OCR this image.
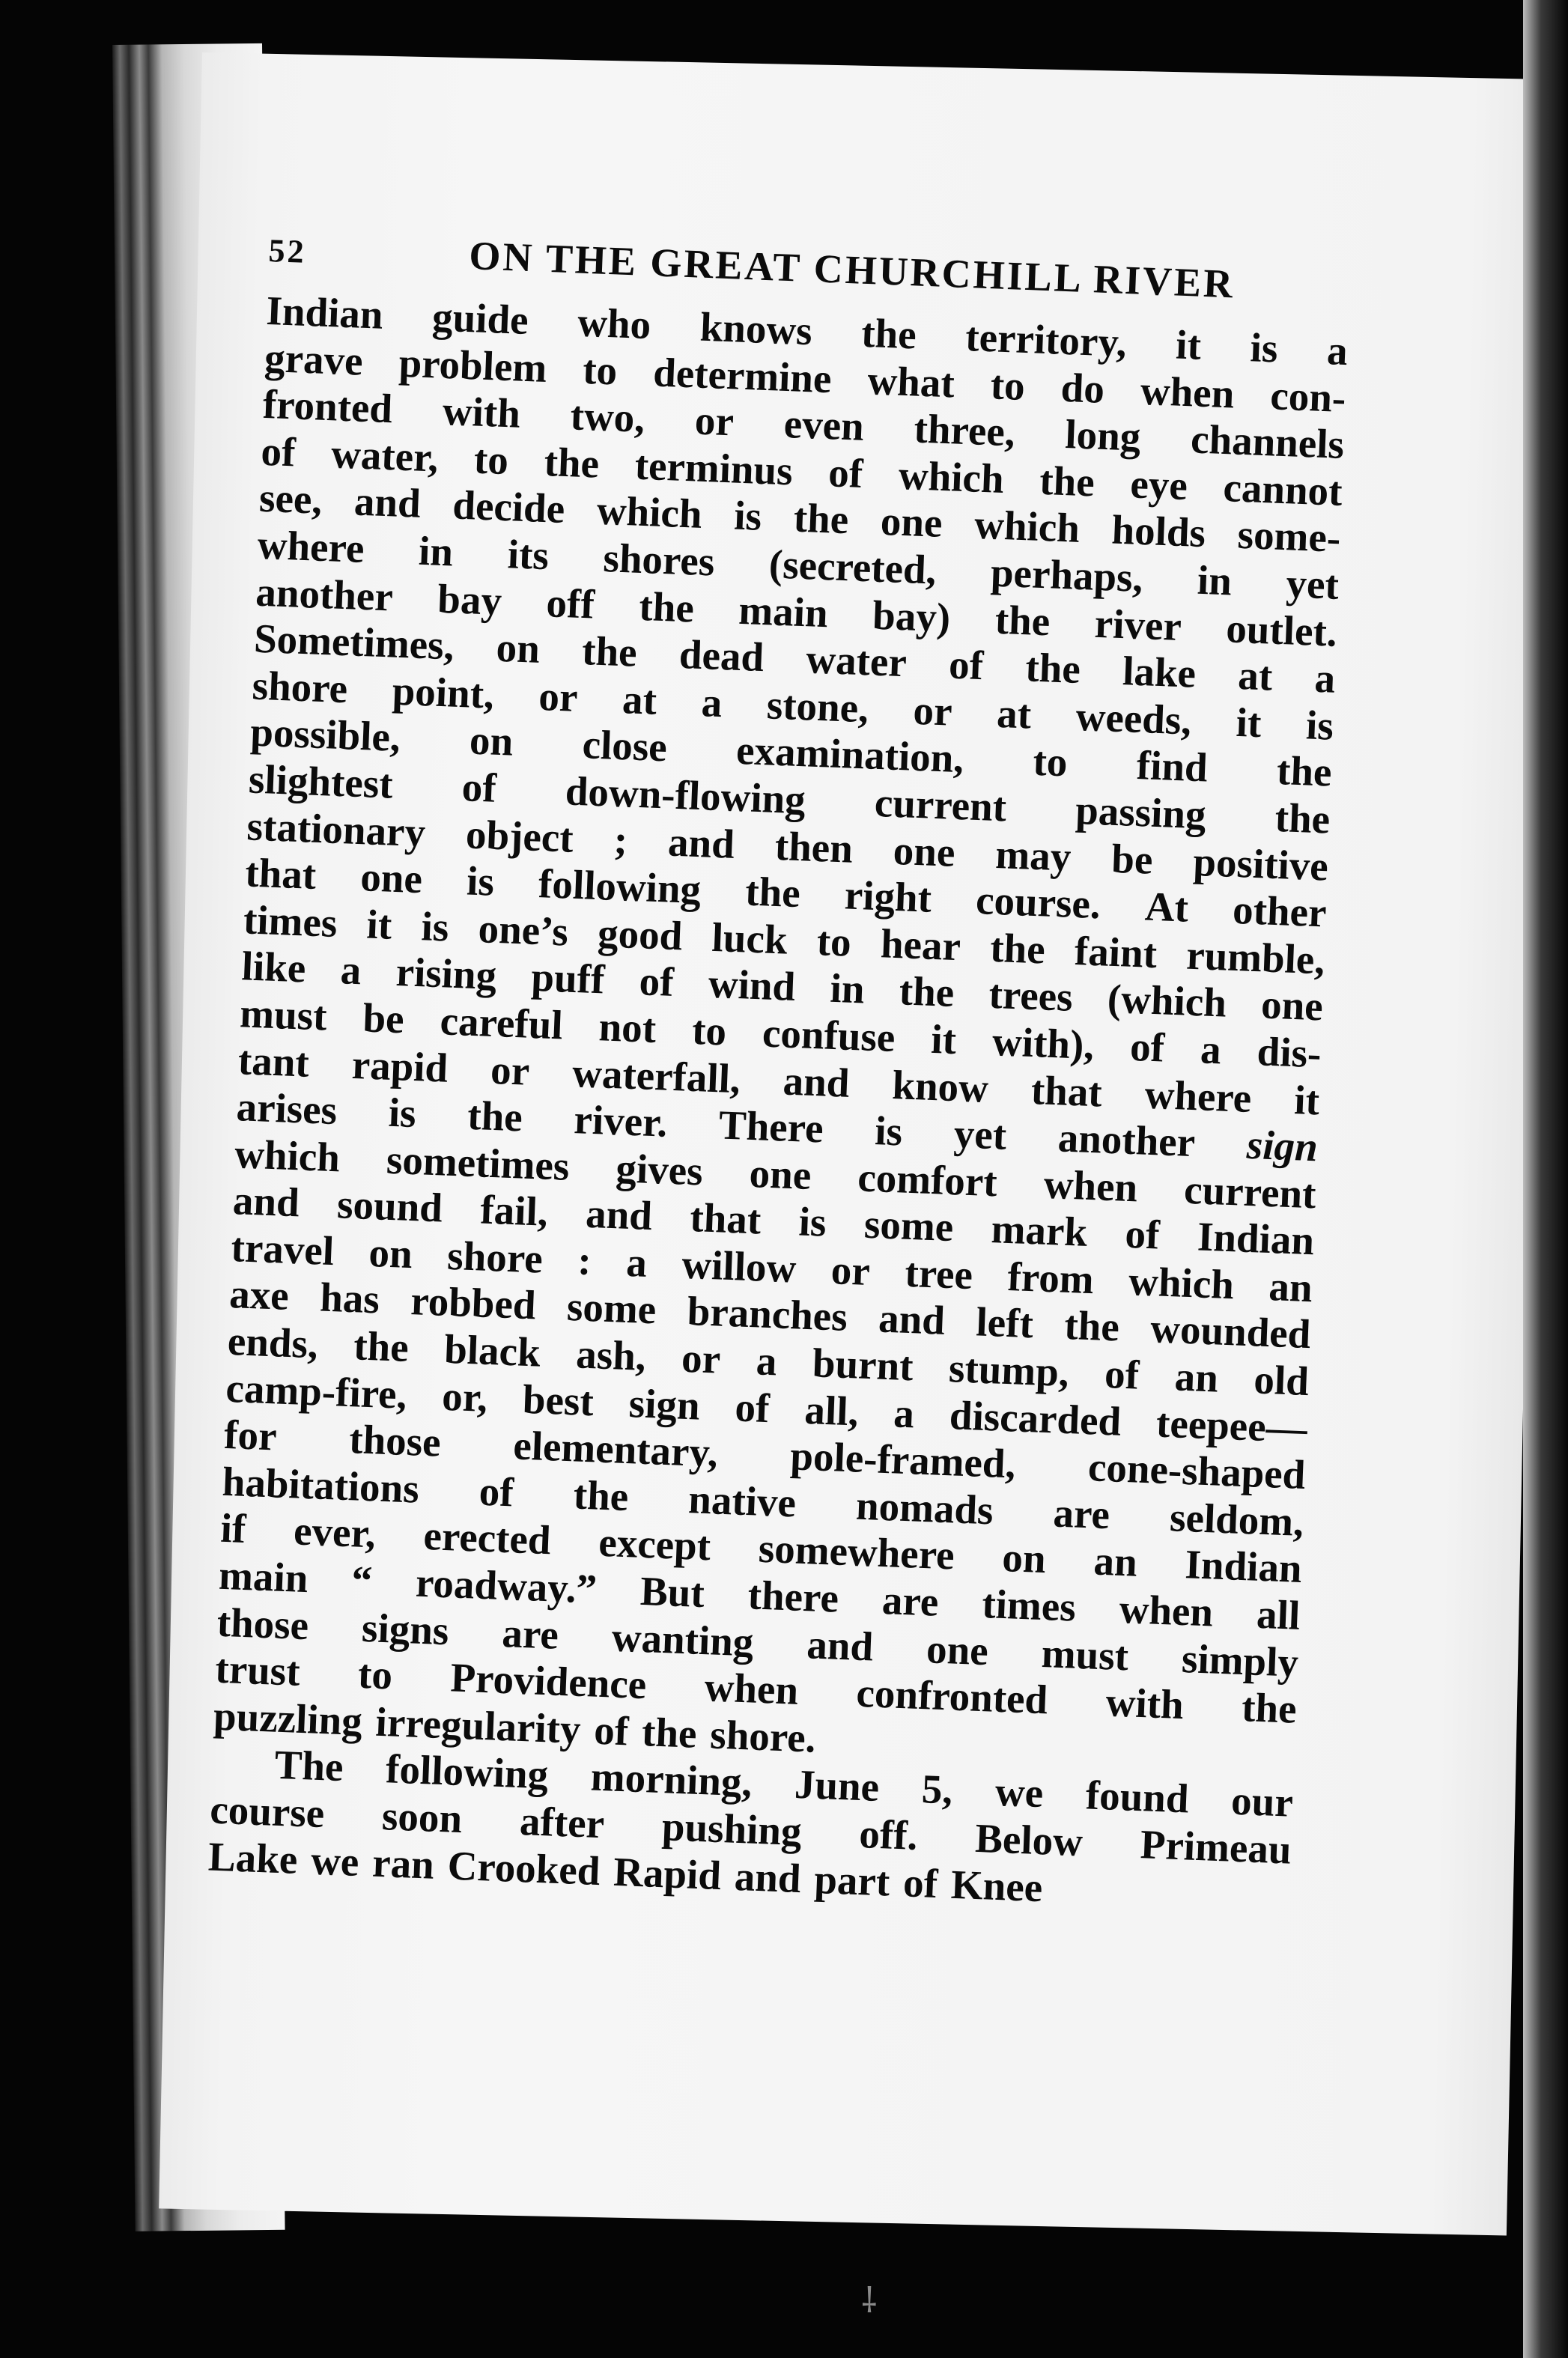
52	ON THE GREAT CHURCHILL RIVER
Indian guide who knows the territory, it is a
grave problem to determine what to do when con-
fronted with two, or even three, long channels
of water, to the terminus of which the eye cannot
see, and decide which is the one which holds some-
where in its shores (secreted, perhaps, in yet
another bay off the main bay) the river outlet.
Sometimes, on the dead water of the lake at a
shore point, or at a stone, or at weeds, it is
possible, on close examination, to find the
slightest of down-flowing current passing the
stationary object ; and then one may be positive
that one is following the right course. At other
times it is one’s good luck to hear the faint rumble,
like a rising puff of wind in the trees (which one
must be careful not to confuse it with), of a dis-
tant rapid or waterfall, and know that where it
arises is the river. There is yet another sign
which sometimes gives one comfort when current
and sound fail, and that is some mark of Indian
travel on shore : a willow or tree from which an
axe has robbed some branches and left the wounded
ends, the black ash, or a burnt stump, of an old
camp-fire, or, best sign of all, a discarded teepee—
for those elementary, pole-framed, cone-shaped
habitations of the native nomads are seldom,
if ever, erected except somewhere on an Indian
main “ roadway.” But there are times when all
those signs are wanting and one must simply
trust to Providence when confronted with the
puzzling irregularity of the shore.
The following morning, June 5, we found our
course soon after pushing off. Below Primeau
Lake we ran Crooked Rapid and part of Knee
⸸
